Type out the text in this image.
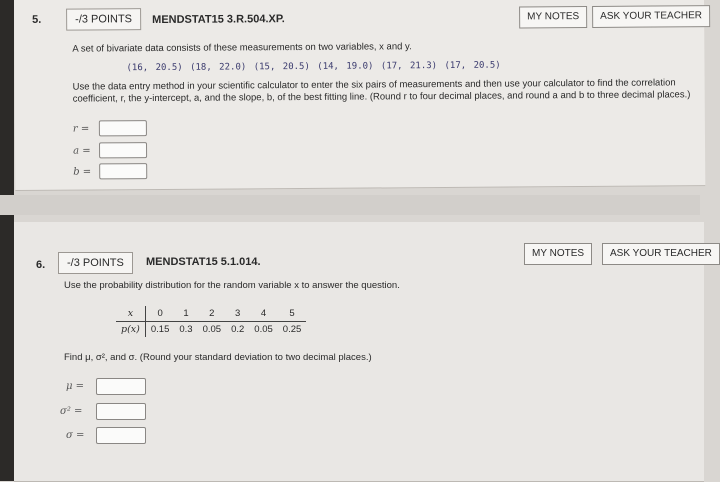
5.	-/3 POINTS	MENDSTAT15 3.R.504.XP.	MY NOTES	ASK YOUR TEACHER
A set of bivariate data consists of these measurements on two variables, x and y.
(16, 20.5) (18, 22.0) (15, 20.5) (14, 19.0) (17, 21.3) (17, 20.5)
Use the data entry method in your scientific calculator to enter the six pairs of measurements and then use your calculator to find the correlation coefficient, r, the y-intercept, a, and the slope, b, of the best fitting line. (Round r to four decimal places, and round a and b to three decimal places.)
r =
a =
b =
6.	-/3 POINTS	MENDSTAT15 5.1.014.
MY NOTES	ASK YOUR TEACHER
Use the probability distribution for the random variable x to answer the question.
x	0	1	2	3	4	5
p(x)	0.15	0.3	0.05	0.2	0.05	0.25
Find μ, σ², and σ. (Round your standard deviation to two decimal places.)
μ =
σ² =
σ =
